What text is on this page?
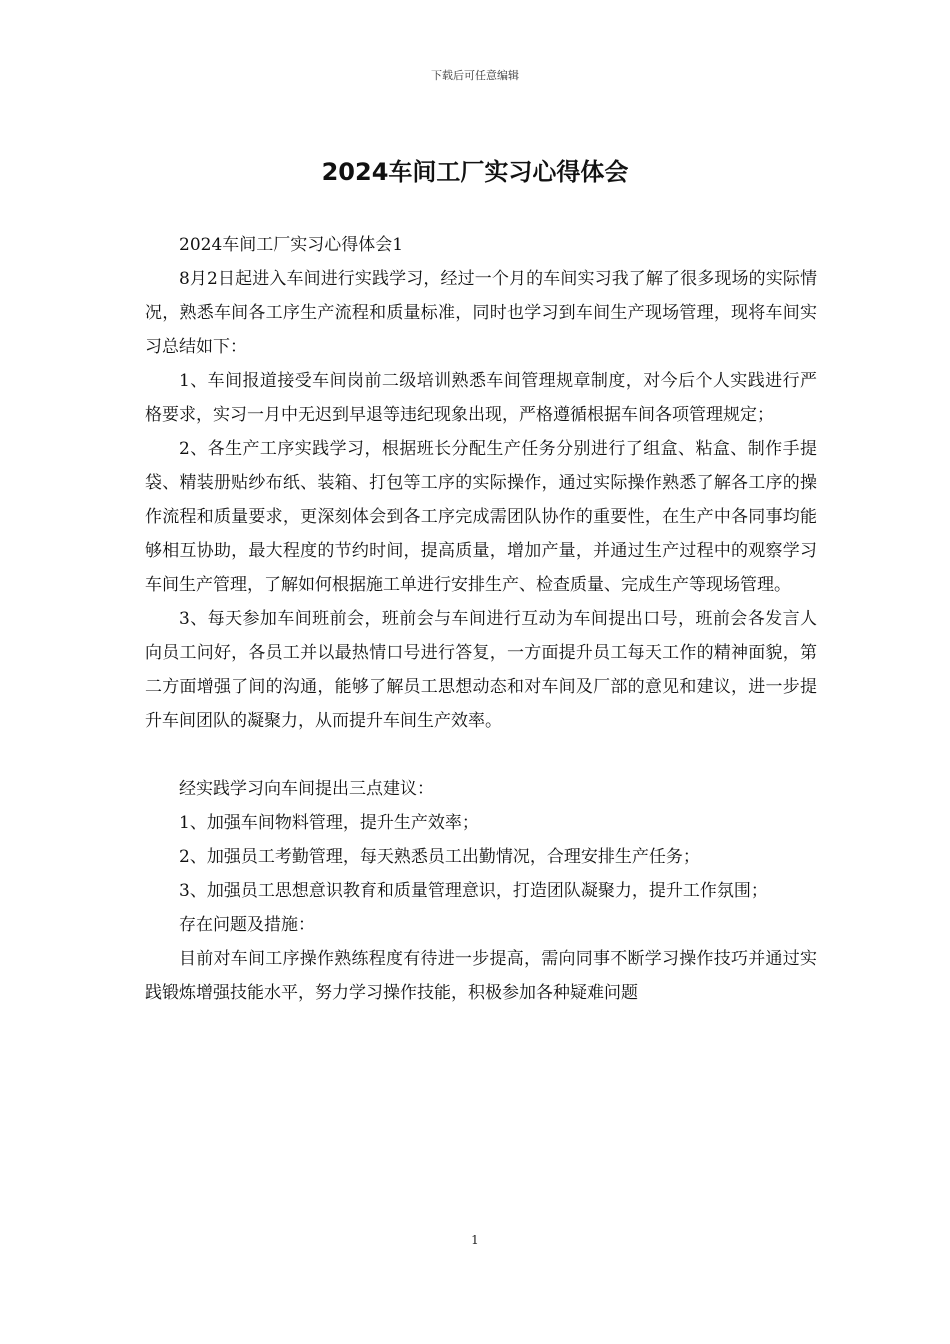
下载后可任意编辑
2024车间工厂实习心得体会

2024车间工厂实习心得体会1

8月2日起进入车间进行实践学习，经过一个月的车间实习我了解了很多现场的实际情况，熟悉车间各工序生产流程和质量标准，同时也学习到车间生产现场管理，现将车间实习总结如下：

1、车间报道接受车间岗前二级培训熟悉车间管理规章制度，对今后个人实践进行严格要求，实习一月中无迟到早退等违纪现象出现，严格遵循根据车间各项管理规定；

2、各生产工序实践学习，根据班长分配生产任务分别进行了组盒、粘盒、制作手提袋、精装册贴纱布纸、装箱、打包等工序的实际操作，通过实际操作熟悉了解各工序的操作流程和质量要求，更深刻体会到各工序完成需团队协作的重要性，在生产中各同事均能够相互协助，最大程度的节约时间，提高质量，增加产量，并通过生产过程中的观察学习车间生产管理，了解如何根据施工单进行安排生产、检查质量、完成生产等现场管理。

3、每天参加车间班前会，班前会与车间进行互动为车间提出口号，班前会各发言人向员工问好，各员工并以最热情口号进行答复，一方面提升员工每天工作的精神面貌，第二方面增强了间的沟通，能够了解员工思想动态和对车间及厂部的意见和建议，进一步提升车间团队的凝聚力，从而提升车间生产效率。

经实践学习向车间提出三点建议：

1、加强车间物料管理，提升生产效率；

2、加强员工考勤管理，每天熟悉员工出勤情况，合理安排生产任务；

3、加强员工思想意识教育和质量管理意识，打造团队凝聚力，提升工作氛围；

存在问题及措施：

目前对车间工序操作熟练程度有待进一步提高，需向同事不断学习操作技巧并通过实践锻炼增强技能水平，努力学习操作技能，积极参加各种疑难问题

1
